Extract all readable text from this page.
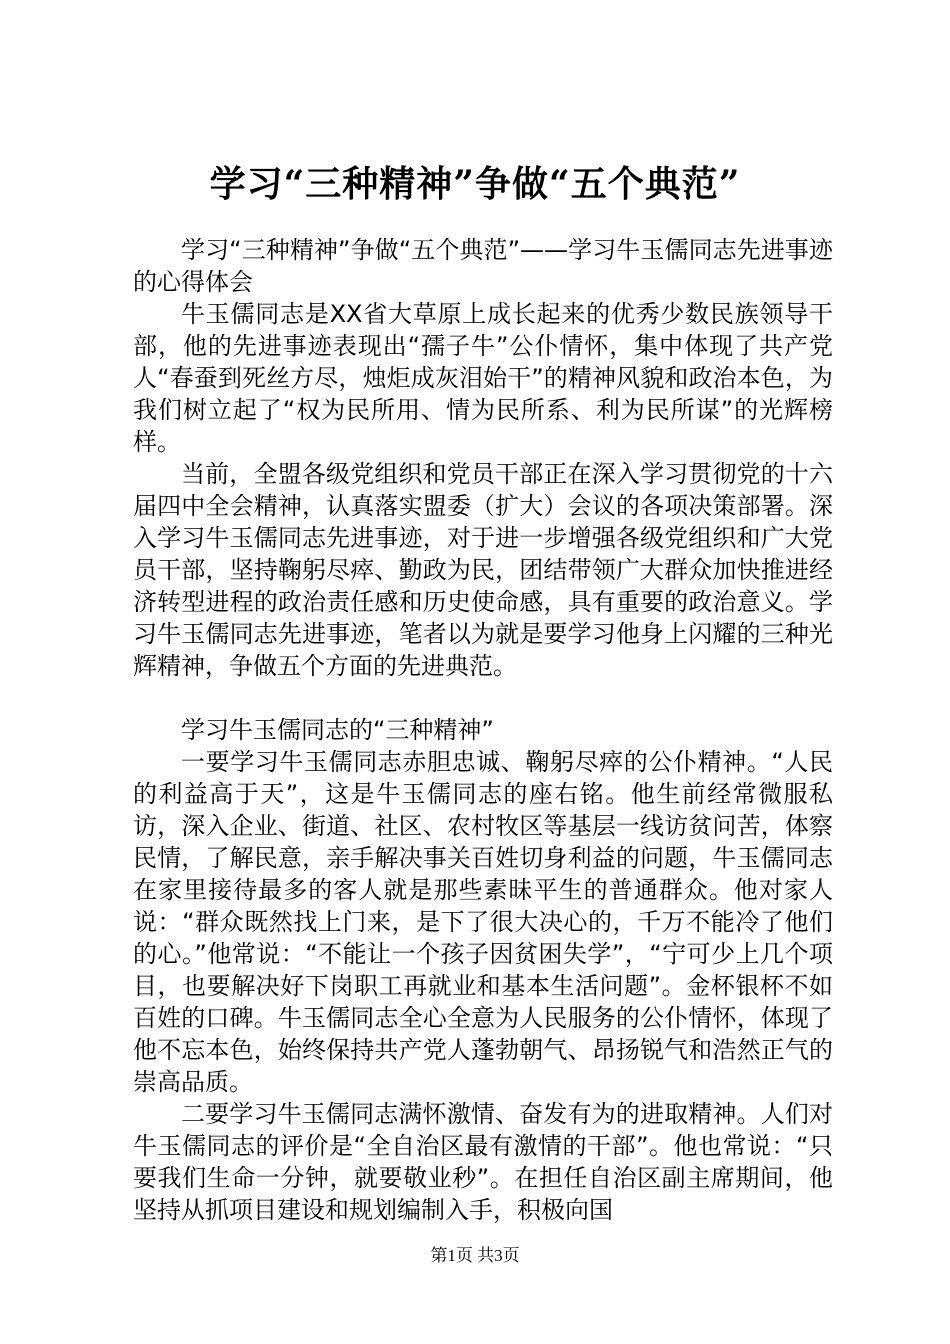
学习“三种精神”争做“五个典范”

学习“三种精神”争做“五个典范”——学习牛玉儒同志先进事迹的心得体会

牛玉儒同志是XX省大草原上成长起来的优秀少数民族领导干部，他的先进事迹表现出“孺子牛”公仆情怀，集中体现了共产党人“春蚕到死丝方尽，烛炬成灰泪始干”的精神风貌和政治本色，为我们树立起了“权为民所用、情为民所系、利为民所谋”的光辉榜样。

当前，全盟各级党组织和党员干部正在深入学习贯彻党的十六届四中全会精神，认真落实盟委（扩大）会议的各项决策部署。深入学习牛玉儒同志先进事迹，对于进一步增强各级党组织和广大党员干部，坚持鞠躬尽瘁、勤政为民，团结带领广大群众加快推进经济转型进程的政治责任感和历史使命感，具有重要的政治意义。学习牛玉儒同志先进事迹，笔者以为就是要学习他身上闪耀的三种光辉精神，争做五个方面的先进典范。

学习牛玉儒同志的“三种精神”

一要学习牛玉儒同志赤胆忠诚、鞠躬尽瘁的公仆精神。“人民的利益高于天”，这是牛玉儒同志的座右铭。他生前经常微服私访，深入企业、街道、社区、农村牧区等基层一线访贫问苦，体察民情，了解民意，亲手解决事关百姓切身利益的问题，牛玉儒同志在家里接待最多的客人就是那些素昧平生的普通群众。他对家人说：“群众既然找上门来，是下了很大决心的，千万不能冷了他们的心。”他常说：“不能让一个孩子因贫困失学”，“宁可少上几个项目，也要解决好下岗职工再就业和基本生活问题”。金杯银杯不如百姓的口碑。牛玉儒同志全心全意为人民服务的公仆情怀，体现了他不忘本色，始终保持共产党人蓬勃朝气、昂扬锐气和浩然正气的崇高品质。

二要学习牛玉儒同志满怀激情、奋发有为的进取精神。人们对牛玉儒同志的评价是“全自治区最有激情的干部”。他也常说：“只要我们生命一分钟，就要敬业秒”。在担任自治区副主席期间，他坚持从抓项目建设和规划编制入手，积极向国

第1页 共3页
